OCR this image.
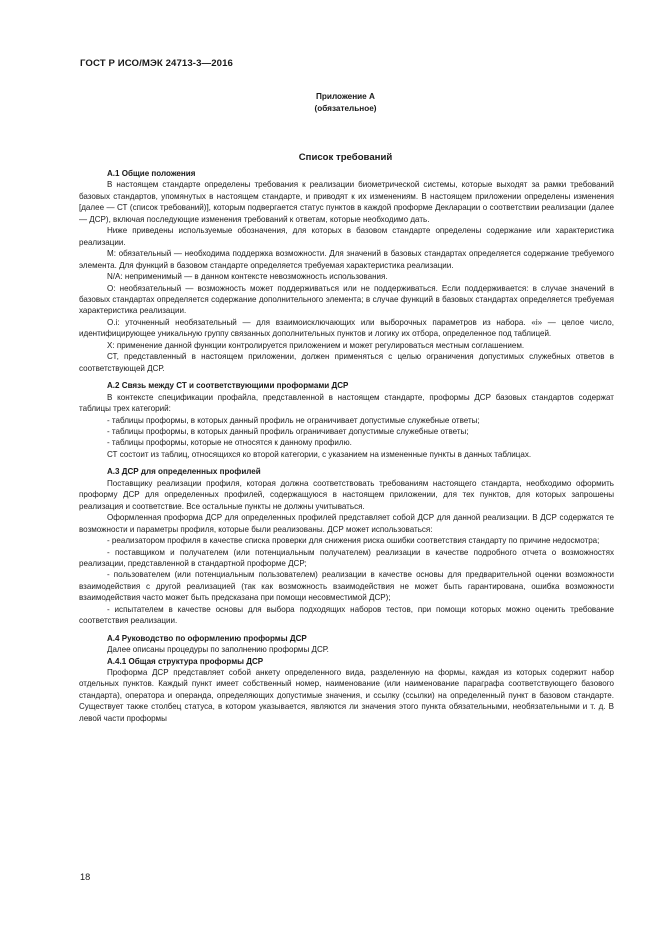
ГОСТ Р ИСО/МЭК 24713-3—2016
Приложение А
(обязательное)
Список требований

А.1 Общие положения

В настоящем стандарте определены требования к реализации биометрической системы, которые выходят за рамки требований базовых стандартов, упомянутых в настоящем стандарте, и приводят к их изменениям. В настоящем приложении определены изменения [далее — СТ (список требований)], которым подвергается статус пунктов в каждой проформе Декларации о соответствии реализации (далее — ДСР), включая последующие изменения требований к ответам, которые необходимо дать.

Ниже приведены используемые обозначения, для которых в базовом стандарте определены содержание или характеристика реализации.

М: обязательный — необходима поддержка возможности. Для значений в базовых стандартах определяется содержание требуемого элемента. Для функций в базовом стандарте определяется требуемая характеристика реализации.

N/A: неприменимый — в данном контексте невозможность использования.

О: необязательный — возможность может поддерживаться или не поддерживаться. Если поддерживается: в случае значений в базовых стандартах определяется содержание дополнительного элемента; в случае функций в базовых стандартах определяется требуемая характеристика реализации.

О.i: уточненный необязательный — для взаимоисключающих или выборочных параметров из набора. «i» — целое число, идентифицирующее уникальную группу связанных дополнительных пунктов и логику их отбора, определенное под таблицей.

Х: применение данной функции контролируется приложением и может регулироваться местным соглашением.

СТ, представленный в настоящем приложении, должен применяться с целью ограничения допустимых служебных ответов в соответствующей ДСР.

А.2 Связь между СТ и соответствующими проформами ДСР

В контексте спецификации профайла, представленной в настоящем стандарте, проформы ДСР базовых стандартов содержат таблицы трех категорий:

- таблицы проформы, в которых данный профиль не ограничивает допустимые служебные ответы;

- таблицы проформы, в которых данный профиль ограничивает допустимые служебные ответы;

- таблицы проформы, которые не относятся к данному профилю.

СТ состоит из таблиц, относящихся ко второй категории, с указанием на измененные пункты в данных таблицах.

А.3 ДСР для определенных профилей

Поставщику реализации профиля, которая должна соответствовать требованиям настоящего стандарта, необходимо оформить проформу ДСР для определенных профилей, содержащуюся в настоящем приложении, для тех пунктов, для которых запрошены реализация и соответствие. Все остальные пункты не должны учитываться.

Оформленная проформа ДСР для определенных профилей представляет собой ДСР для данной реализации. В ДСР содержатся те возможности и параметры профиля, которые были реализованы. ДСР может использоваться:

- реализатором профиля в качестве списка проверки для снижения риска ошибки соответствия стандарту по причине недосмотра;

- поставщиком и получателем (или потенциальным получателем) реализации в качестве подробного отчета о возможностях реализации, представленной в стандартной проформе ДСР;

- пользователем (или потенциальным пользователем) реализации в качестве основы для предварительной оценки возможности взаимодействия с другой реализацией (так как возможность взаимодействия не может быть гарантирована, ошибка возможности взаимодействия часто может быть предсказана при помощи несовместимой ДСР);

- испытателем в качестве основы для выбора подходящих наборов тестов, при помощи которых можно оценить требование соответствия реализации.

А.4 Руководство по оформлению проформы ДСР

Далее описаны процедуры по заполнению проформы ДСР.

А.4.1 Общая структура проформы ДСР

Проформа ДСР представляет собой анкету определенного вида, разделенную на формы, каждая из которых содержит набор отдельных пунктов. Каждый пункт имеет собственный номер, наименование (или наименование параграфа соответствующего базового стандарта), оператора и операнда, определяющих допустимые значения, и ссылку (ссылки) на определенный пункт в базовом стандарте. Существует также столбец статуса, в котором указывается, являются ли значения этого пункта обязательными, необязательными и т. д. В левой части проформы

18
